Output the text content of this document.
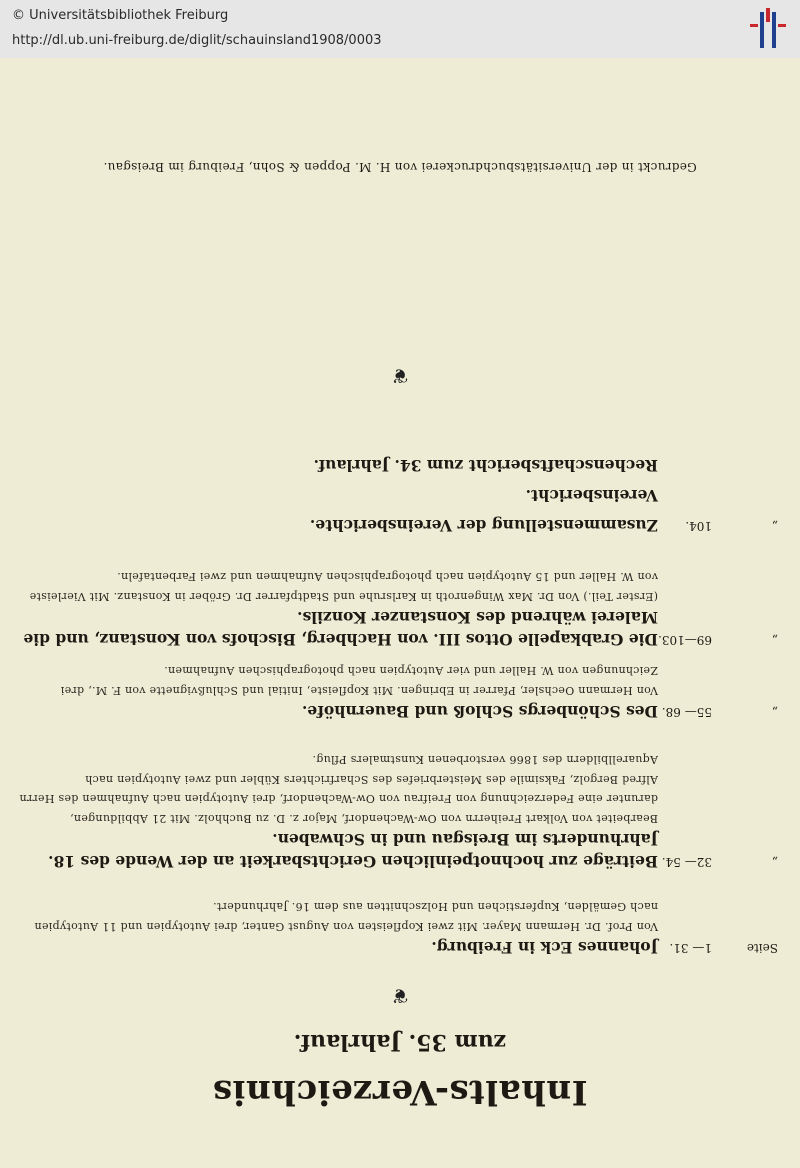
© Universitätsbibliothek Freiburg
http://dl.ub.uni-freiburg.de/diglit/schauinsland1908/0003
Inhalts-Verzeichnis
zum 35. Jahrlauf.
❦
Seite
1— 31.
Johannes Eck in Freiburg.
Von Prof. Dr. Hermann Mayer. Mit zwei Kopfleisten von August Ganter, drei Autotypien und 11 Autotypien nach Gemälden, Kupferstichen und Holzschnitten aus dem 16. Jahrhundert.
„
32— 54.
Beiträge zur hochnotpeinlichen Gerichtsbarkeit an der Wende des 18. Jahrhunderts im Breisgau und in Schwaben.
Bearbeitet von Volkart Freiherrn von Ow-Wachendorf, Major z. D. zu Buchholz. Mit 21 Abbildungen, darunter eine Federzeichnung von Freifrau von Ow-Wachendorf, drei Autotypien nach Aufnahmen des Herrn Alfred Bergolz, Faksimile des Meisterbriefes des Scharfrichters Kübler und zwei Autotypien nach Aquarellbildern des 1866 verstorbenen Kunstmalers Pflug.
„
55— 68.
Des Schönbergs Schloß und Bauernhöfe.
Von Hermann Oechsler, Pfarrer in Ebringen. Mit Kopfleiste, Initial und Schlußvignette von F. M., drei Zeichnungen von W. Haller und vier Autotypien nach photographischen Aufnahmen.
„
69—103.
Die Grabkapelle Ottos III. von Hachberg, Bischofs von Konstanz, und die Malerei während des Konstanzer Konzils.
(Erster Teil.) Von Dr. Max Wingenroth in Karlsruhe und Stadtpfarrer Dr. Gröber in Konstanz. Mit Vierleiste von W. Haller und 15 Autotypien nach photographischen Aufnahmen und zwei Farbentafeln.
„
104.
Zusammenstellung der Vereinsberichte.
Vereinsbericht.
Rechenschaftsbericht zum 34. Jahrlauf.
❦
Gedruckt in der Universitätsbuchdruckerei von H. M. Poppen & Sohn, Freiburg im Breisgau.
